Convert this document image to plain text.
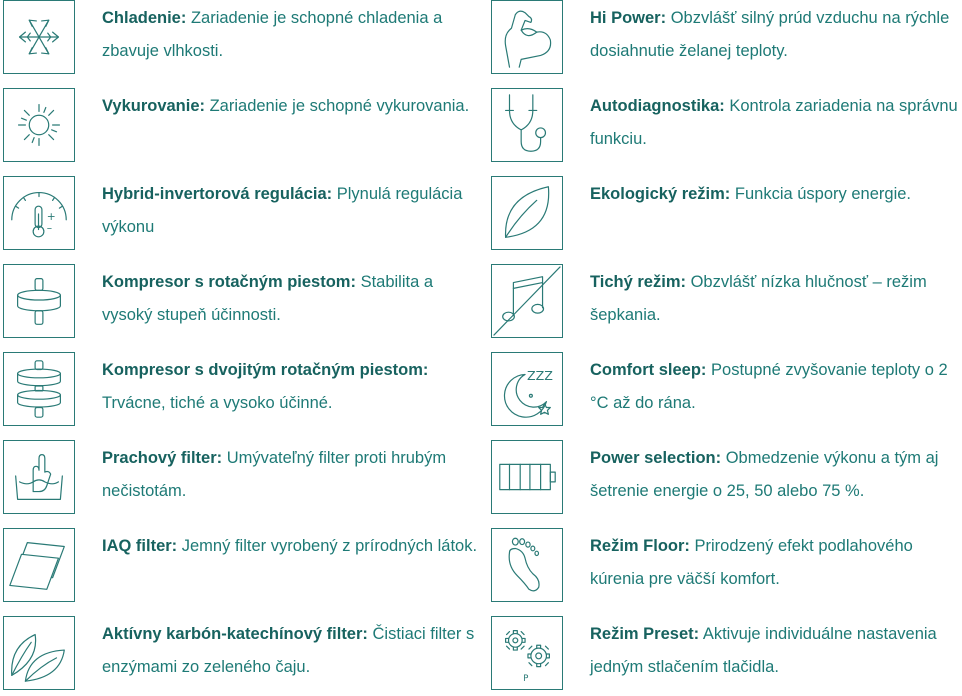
Chladenie: Zariadenie je schopné chladenia a zbavuje vlhkosti.
Vykurovanie: Zariadenie je schopné vykurovania.
+
–
Hybrid-invertorová regulácia: Plynulá regulácia výkonu
Kompresor s rotačným piestom: Stabilita a vysoký stupeň účinnosti.
Kompresor s dvojitým rotačným piestom: Trvácne, tiché a vysoko účinné.
Prachový filter: Umývateľný filter proti hrubým nečistotám.
IAQ filter: Jemný filter vyrobený z prírodných látok.
Aktívny karbón-katechínový filter: Čistiaci filter s enzýmami zo zeleného čaju.
Hi Power: Obzvlášť silný prúd vzduchu na rýchle dosiahnutie želanej teploty.
Autodiagnostika: Kontrola zariadenia na správnu funkciu.
Ekologický režim: Funkcia úspory energie.
Tichý režim: Obzvlášť nízka hlučnosť – režim šepkania.
ZZZ Comfort sleep: Postupné zvyšovanie teploty o 2 °C až do rána.
Power selection: Obmedzenie výkonu a tým aj šetrenie energie o 25, 50 alebo 75 %.
Režim Floor: Prirodzený efekt podlahového kúrenia pre väčší komfort.
P
Režim Preset: Aktivuje individuálne nastavenia jedným stlačením tlačidla.
